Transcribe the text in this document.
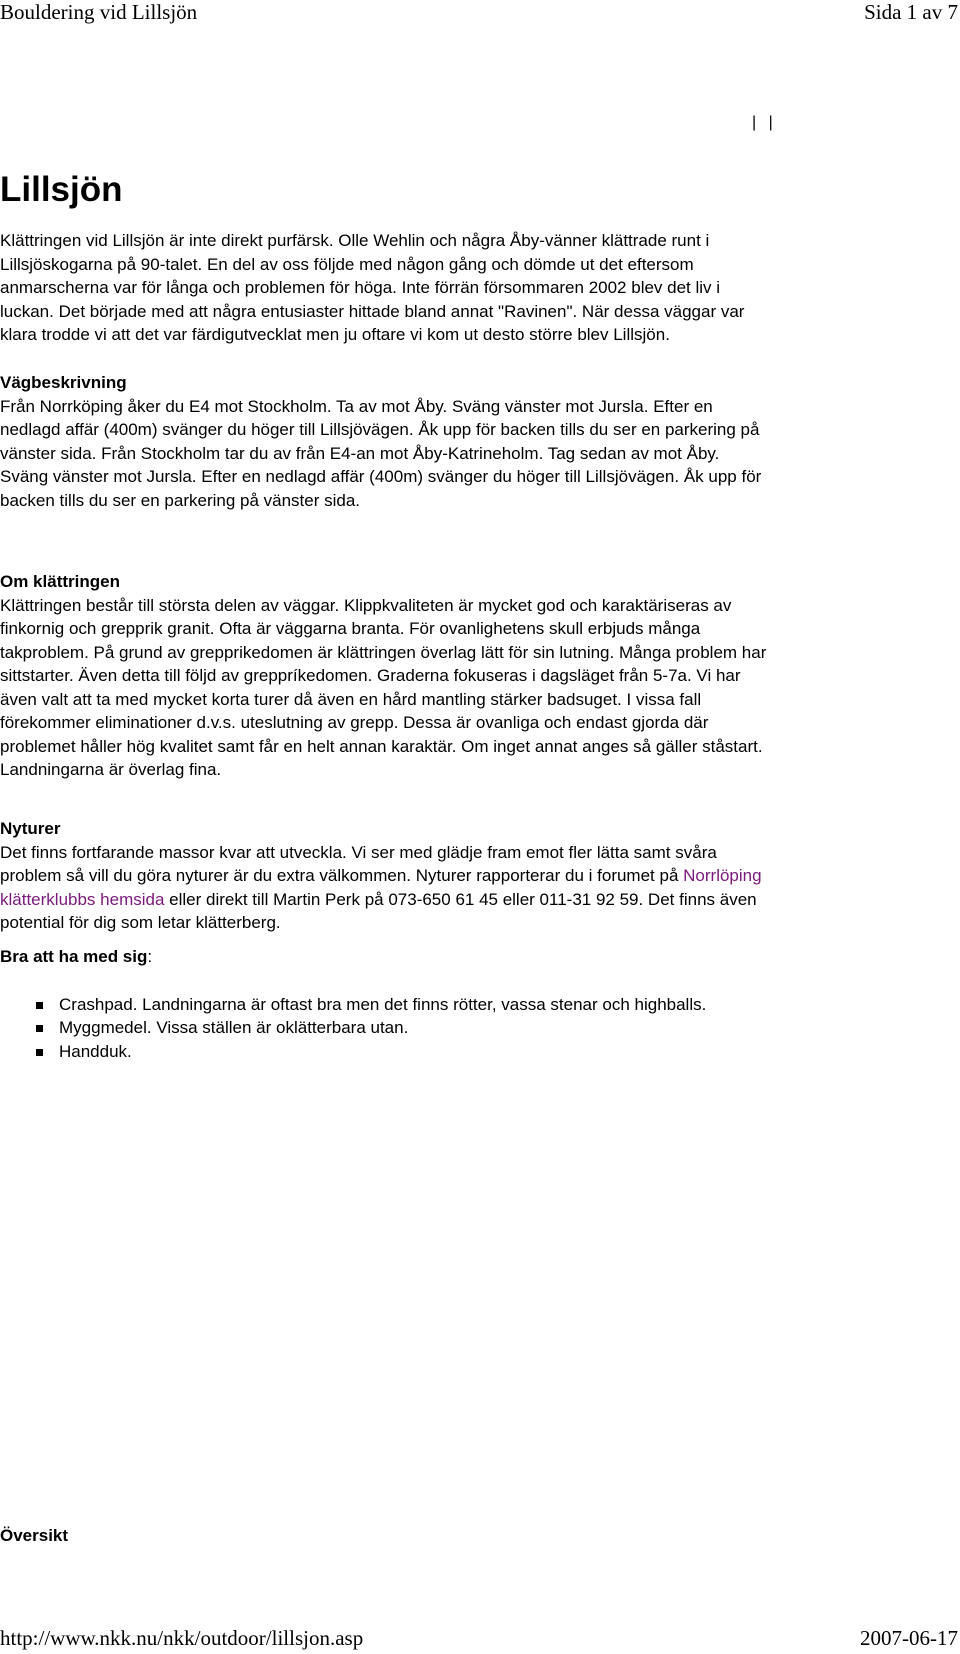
Bouldering vid Lillsjön	Sida 1 av 7
| |
Lillsjön

Klättringen vid Lillsjön är inte direkt purfärsk. Olle Wehlin och några Åby-vänner klättrade runt i Lillsjöskogarna på 90-talet. En del av oss följde med någon gång och dömde ut det eftersom anmarscherna var för långa och problemen för höga. Inte förrän försommaren 2002 blev det liv i luckan. Det började med att några entusiaster hittade bland annat "Ravinen". När dessa väggar var klara trodde vi att det var färdigutvecklat men ju oftare vi kom ut desto större blev Lillsjön.

Vägbeskrivning

Från Norrköping åker du E4 mot Stockholm. Ta av mot Åby. Sväng vänster mot Jursla. Efter en nedlagd affär (400m) svänger du höger till Lillsjövägen. Åk upp för backen tills du ser en parkering på vänster sida. Från Stockholm tar du av från E4-an mot Åby-Katrineholm. Tag sedan av mot Åby. Sväng vänster mot Jursla. Efter en nedlagd affär (400m) svänger du höger till Lillsjövägen. Åk upp för backen tills du ser en parkering på vänster sida.

Om klättringen

Klättringen består till största delen av väggar. Klippkvaliteten är mycket god och karaktäriseras av finkornig och grepprik granit. Ofta är väggarna branta. För ovanlighetens skull erbjuds många takproblem. På grund av grepprikedomen är klättringen överlag lätt för sin lutning. Många problem har sittstarter. Även detta till följd av greppríkedomen. Graderna fokuseras i dagsläget från 5-7a. Vi har även valt att ta med mycket korta turer då även en hård mantling stärker badsuget. I vissa fall förekommer eliminationer d.v.s. uteslutning av grepp. Dessa är ovanliga och endast gjorda där problemet håller hög kvalitet samt får en helt annan karaktär. Om inget annat anges så gäller ståstart. Landningarna är överlag fina.

Nyturer

Det finns fortfarande massor kvar att utveckla. Vi ser med glädje fram emot fler lätta samt svåra problem så vill du göra nyturer är du extra välkommen. Nyturer rapporterar du i forumet på Norrlöping klätterklubbs hemsida eller direkt till Martin Perk på 073-650 61 45 eller 011-31 92 59. Det finns även potential för dig som letar klätterberg.

Bra att ha med sig:

Crashpad. Landningarna är oftast bra men det finns rötter, vassa stenar och highballs.
Myggmedel. Vissa ställen är oklätterbara utan.
Handduk.
Översikt
http://www.nkk.nu/nkk/outdoor/lillsjon.asp	2007-06-17
